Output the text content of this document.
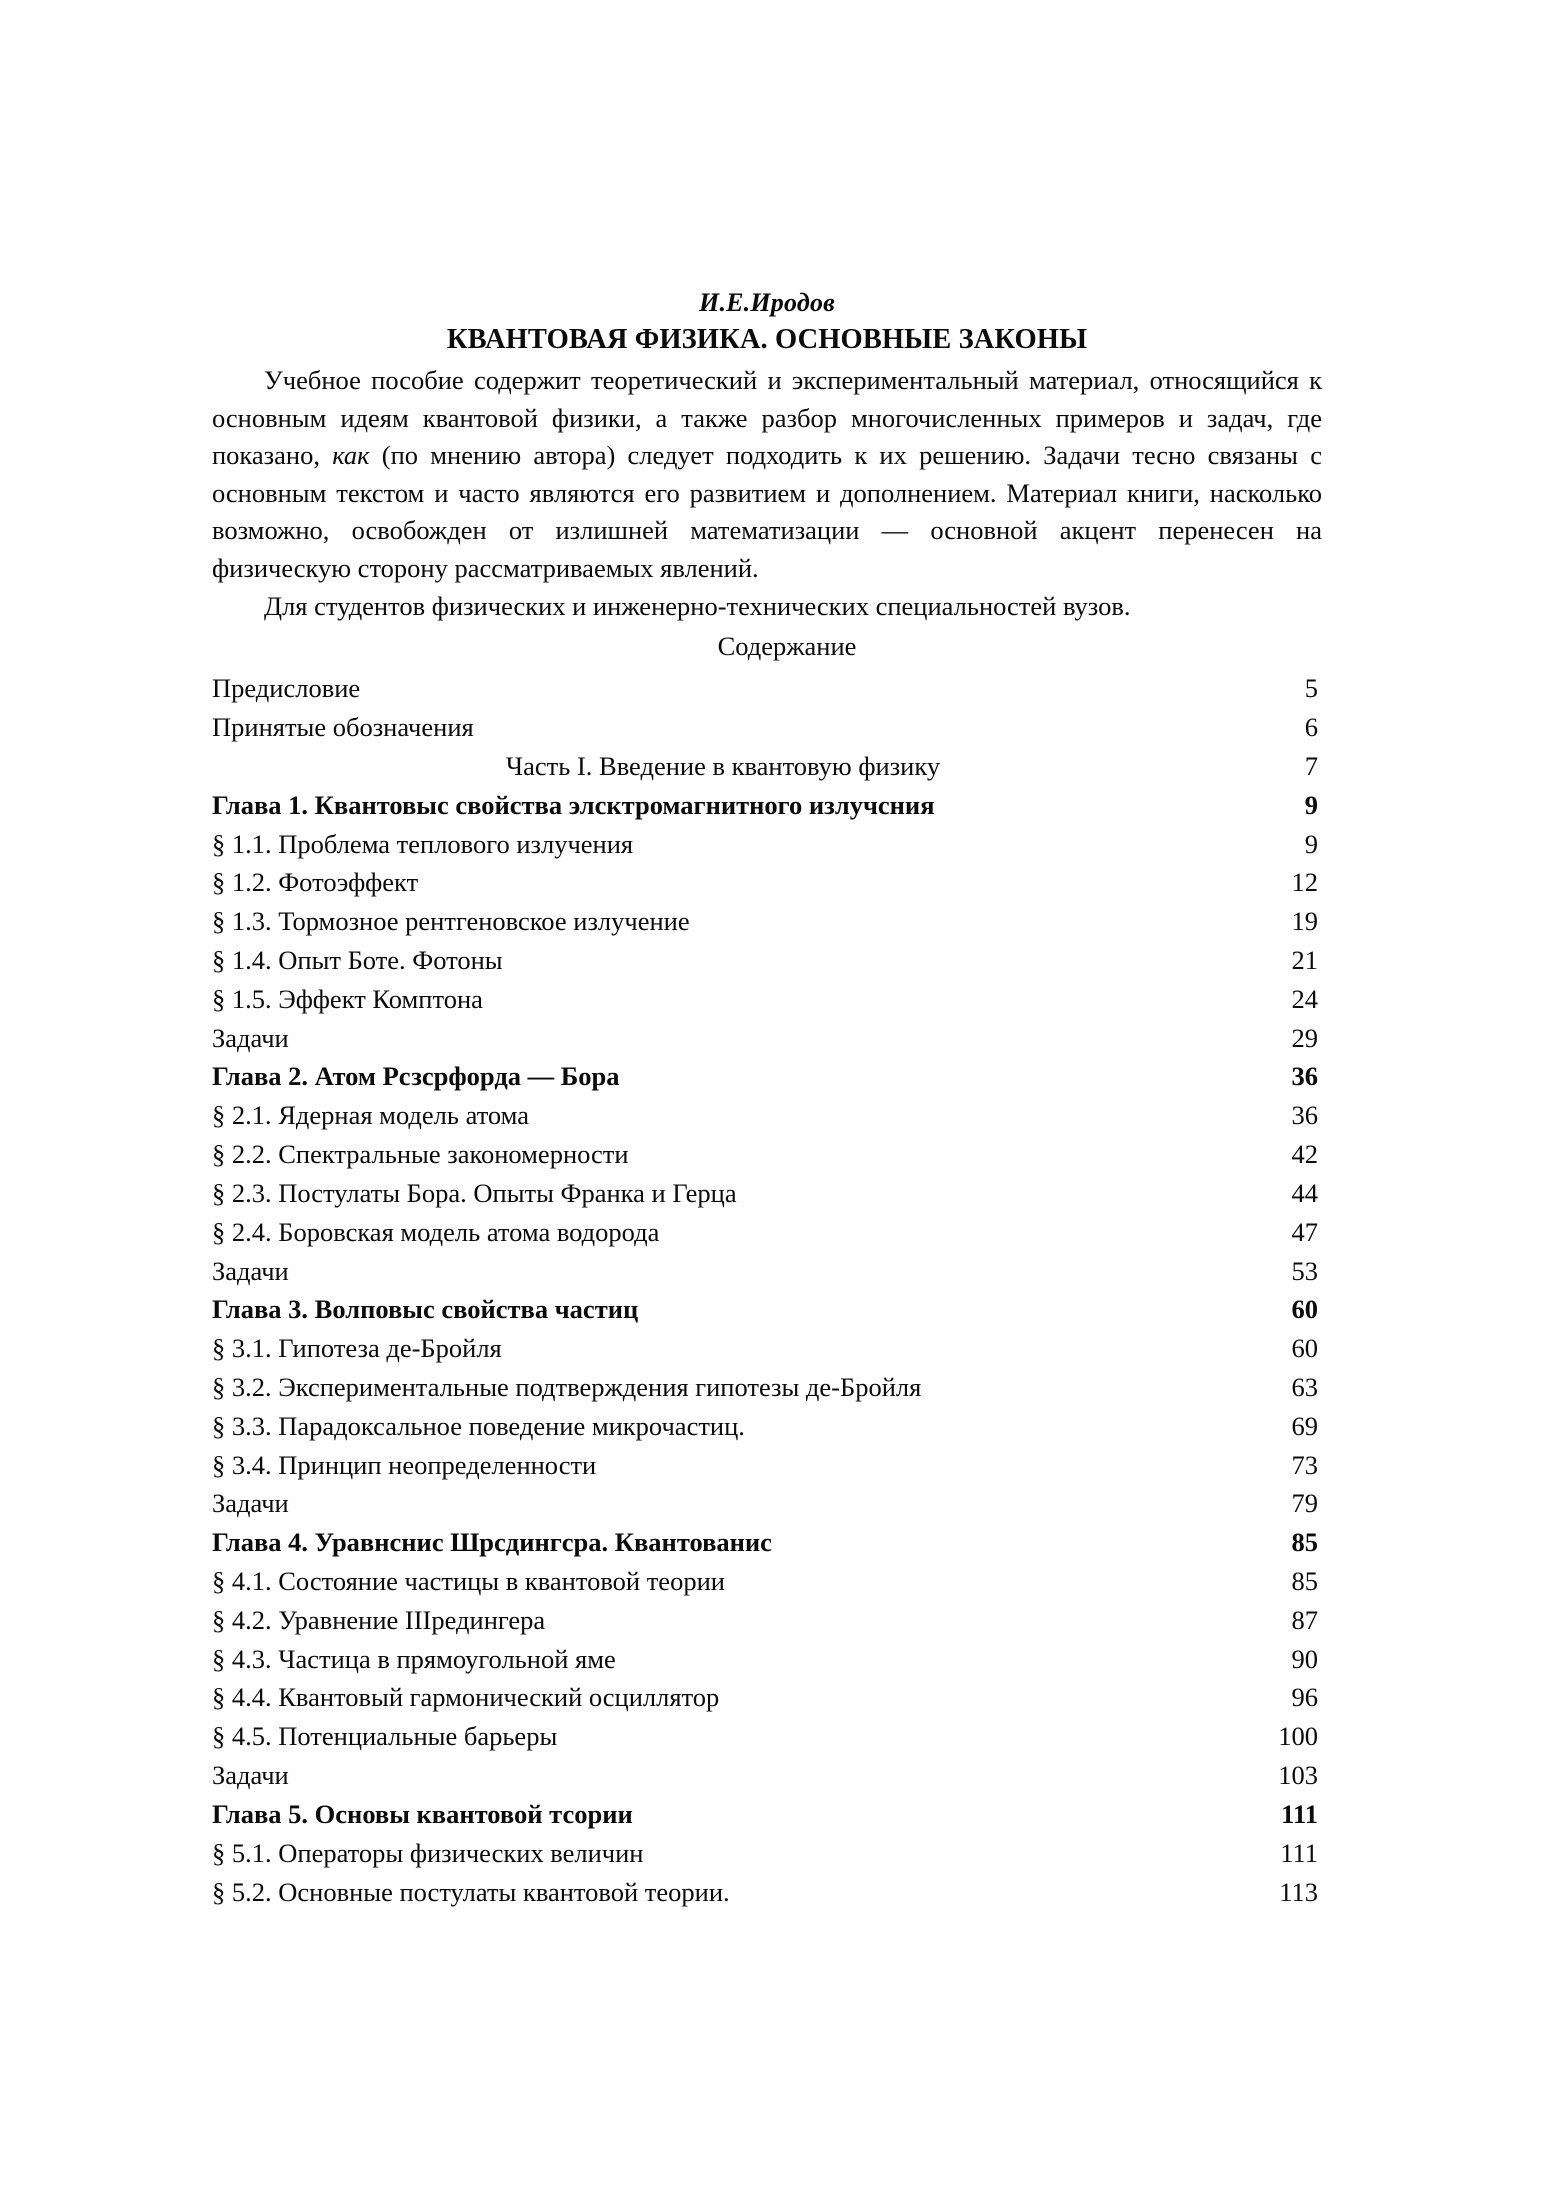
И.Е.Иродов
КВАНТОВАЯ ФИЗИКА. ОСНОВНЫЕ ЗАКОНЫ

Учебное пособие содержит теоретический и экспериментальный материал, относящийся к основным идеям квантовой физики, а также разбор многочисленных примеров и задач, где показано, как (по мнению автора) следует подходить к их решению. Задачи тесно связаны с основным текстом и часто являются его развитием и дополнением. Материал книги, насколько возможно, освобожден от излишней математизации — основной акцент перенесен на физическую сторону рассматриваемых явлений.

Для студентов физических и инженерно-технических специальностей вузов.

Содержание
Предисловие	5
Принятые обозначения	6
Часть I. Введение в квантовую физику	7
Глава 1. Квантовыс свойства элсктромагнитного излучсния	9
§ 1.1. Проблема теплового излучения	9
§ 1.2. Фотоэффект	12
§ 1.3. Тормозное рентгеновское излучение	19
§ 1.4. Опыт Боте. Фотоны	21
§ 1.5. Эффект Комптона	24
Задачи	29
Глава 2. Атом Рсзсрфорда — Бора	36
§ 2.1. Ядерная модель атома	36
§ 2.2. Спектральные закономерности	42
§ 2.3. Постулаты Бора. Опыты Франка и Герца	44
§ 2.4. Боровская модель атома водорода	47
Задачи	53
Глава 3. Волповыс свойства частиц	60
§ 3.1. Гипотеза де-Бройля	60
§ 3.2. Экспериментальные подтверждения гипотезы де-Бройля	63
§ 3.3. Парадоксальное поведение микрочастиц.	69
§ 3.4. Принцип неопределенности	73
Задачи	79
Глава 4. Уравнснис Шрсдингсра. Квантованис	85
§ 4.1. Состояние частицы в квантовой теории	85
§ 4.2. Уравнение IIIредингера	87
§ 4.3. Частица в прямоугольной яме	90
§ 4.4. Квантовый гармонический осциллятор	96
§ 4.5. Потенциальные барьеры	100
Задачи	103
Глава 5. Основы квантовой тсории	111
§ 5.1. Операторы физических величин	111
§ 5.2. Основные постулаты квантовой теории.	113
